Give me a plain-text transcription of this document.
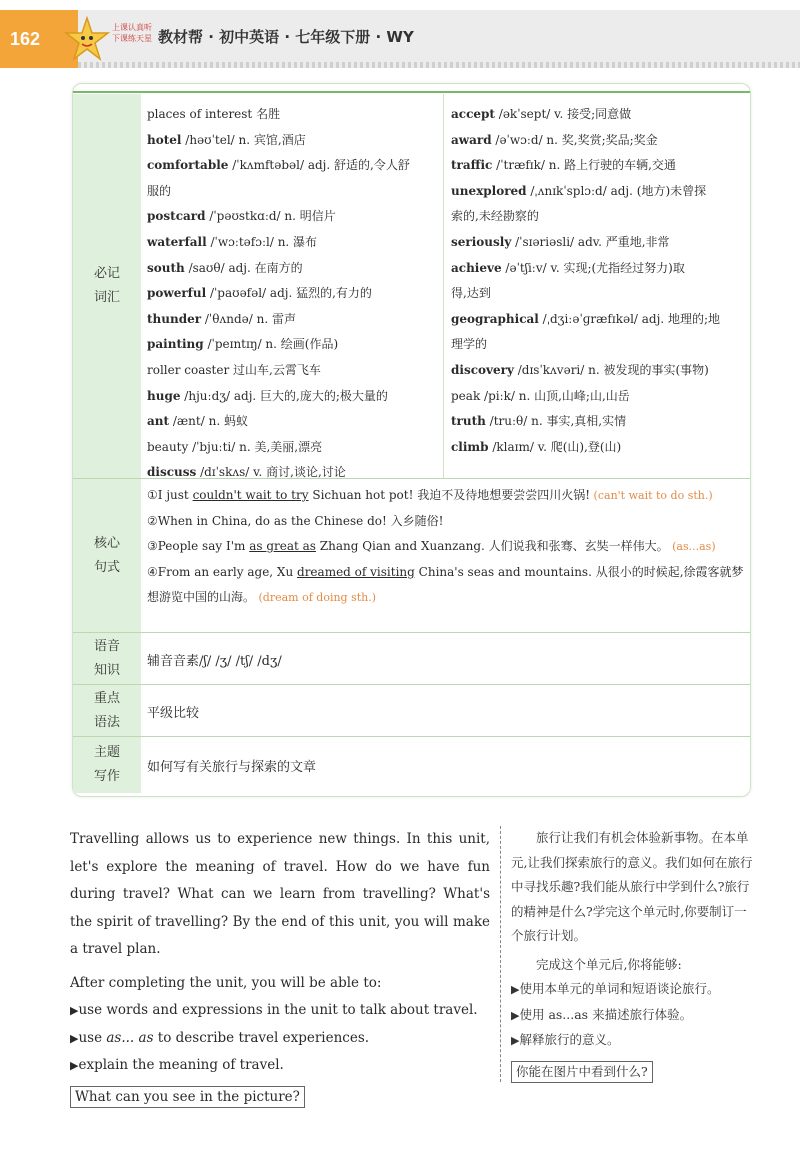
162
上课认真听
下课练天星 教材帮 · 初中英语 · 七年级下册 · WY
必记
词汇
places of interest 名胜
hotel /həʊˈtel/ n. 宾馆,酒店
comfortable /ˈkʌmftəbəl/ adj. 舒适的,令人舒
服的
postcard /ˈpəʊstkɑːd/ n. 明信片
waterfall /ˈwɔːtəfɔːl/ n. 瀑布
south /saʊθ/ adj. 在南方的
powerful /ˈpaʊəfəl/ adj. 猛烈的,有力的
thunder /ˈθʌndə/ n. 雷声
painting /ˈpeɪntɪŋ/ n. 绘画(作品)
roller coaster 过山车,云霄飞车
huge /hjuːdʒ/ adj. 巨大的,庞大的;极大量的
ant /ænt/ n. 蚂蚁
beauty /ˈbjuːti/ n. 美,美丽,漂亮
discuss /dɪˈskʌs/ v. 商讨,谈论,讨论
accept /əkˈsept/ v. 接受;同意做
award /əˈwɔːd/ n. 奖,奖赏;奖品;奖金
traffic /ˈtræfɪk/ n. 路上行驶的车辆,交通
unexplored /ˌʌnɪkˈsplɔːd/ adj. (地方)未曾探
索的,未经勘察的
seriously /ˈsɪəriəsli/ adv. 严重地,非常
achieve /əˈtʃiːv/ v. 实现;(尤指经过努力)取
得,达到
geographical /ˌdʒiːəˈɡræfɪkəl/ adj. 地理的;地
理学的
discovery /dɪsˈkʌvəri/ n. 被发现的事实(事物)
peak /piːk/ n. 山顶,山峰;山,山岳
truth /truːθ/ n. 事实,真相,实情
climb /klaɪm/ v. 爬(山),登(山)
核心
句式
①I just couldn't wait to try Sichuan hot pot! 我迫不及待地想要尝尝四川火锅! (can't wait to do sth.)
②When in China, do as the Chinese do! 入乡随俗!
③People say I'm as great as Zhang Qian and Xuanzang. 人们说我和张骞、玄奘一样伟大。 (as...as)
④From an early age, Xu dreamed of visiting China's seas and mountains. 从很小的时候起,徐霞客就梦想游览中国的山海。 (dream of doing sth.)
语音
知识
辅音音素/ʃ/ /ʒ/ /tʃ/ /dʒ/
重点
语法
平级比较
主题
写作
如何写有关旅行与探索的文章

Travelling allows us to experience new things. In this unit, let's explore the meaning of travel. How do we have fun during travel? What can we learn from travelling? What's the spirit of travelling? By the end of this unit, you will make a travel plan.

After completing the unit, you will be able to:

▶use words and expressions in the unit to talk about travel.

▶use as... as to describe travel experiences.

▶explain the meaning of travel.

What can you see in the picture?

旅行让我们有机会体验新事物。在本单元,让我们探索旅行的意义。我们如何在旅行中寻找乐趣?我们能从旅行中学到什么?旅行的精神是什么?学完这个单元时,你要制订一个旅行计划。

完成这个单元后,你将能够:

▶使用本单元的单词和短语谈论旅行。

▶使用 as...as 来描述旅行体验。

▶解释旅行的意义。

你能在图片中看到什么?
